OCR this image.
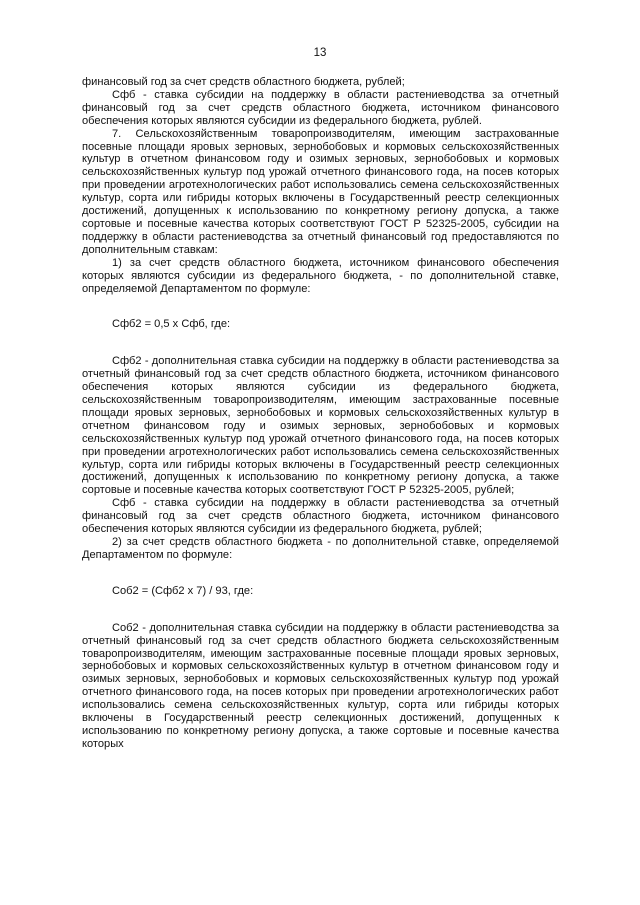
13

финансовый год за счет средств областного бюджета, рублей;

Сфб - ставка субсидии на поддержку в области растениеводства за отчетный финансовый год за счет средств областного бюджета, источником финансового обеспечения которых являются субсидии из федерального бюджета, рублей.

7. Сельскохозяйственным товаропроизводителям, имеющим застрахованные посевные площади яровых зерновых, зернобобовых и кормовых сельскохозяйственных культур в отчетном финансовом году и озимых зерновых, зернобобовых и кормовых сельскохозяйственных культур под урожай отчетного финансового года, на посев которых при проведении агротехнологических работ использовались семена сельскохозяйственных культур, сорта или гибриды которых включены в Государственный реестр селекционных достижений, допущенных к использованию по конкретному региону допуска, а также сортовые и посевные качества которых соответствуют ГОСТ Р 52325-2005, субсидии на поддержку в области растениеводства за отчетный финансовый год предоставляются по дополнительным ставкам:

1) за счет средств областного бюджета, источником финансового обеспечения которых являются субсидии из федерального бюджета, - по дополнительной ставке, определяемой Департаментом по формуле:

Сфб2 = 0,5 х Сфб, где:

Сфб2 - дополнительная ставка субсидии на поддержку в области растениеводства за отчетный финансовый год за счет средств областного бюджета, источником финансового обеспечения которых являются субсидии из федерального бюджета, сельскохозяйственным товаропроизводителям, имеющим застрахованные посевные площади яровых зерновых, зернобобовых и кормовых сельскохозяйственных культур в отчетном финансовом году и озимых зерновых, зернобобовых и кормовых сельскохозяйственных культур под урожай отчетного финансового года, на посев которых при проведении агротехнологических работ использовались семена сельскохозяйственных культур, сорта или гибриды которых включены в Государственный реестр селекционных достижений, допущенных к использованию по конкретному региону допуска, а также сортовые и посевные качества которых соответствуют ГОСТ Р 52325-2005, рублей;

Сфб - ставка субсидии на поддержку в области растениеводства за отчетный финансовый год за счет средств областного бюджета, источником финансового обеспечения которых являются субсидии из федерального бюджета, рублей;

2) за счет средств областного бюджета - по дополнительной ставке, определяемой Департаментом по формуле:

Соб2 = (Сфб2 х 7) / 93, где:

Соб2 - дополнительная ставка субсидии на поддержку в области растениеводства за отчетный финансовый год за счет средств областного бюджета сельскохозяйственным товаропроизводителям, имеющим застрахованные посевные площади яровых зерновых, зернобобовых и кормовых сельскохозяйственных культур в отчетном финансовом году и озимых зерновых, зернобобовых и кормовых сельскохозяйственных культур под урожай отчетного финансового года, на посев которых при проведении агротехнологических работ использовались семена сельскохозяйственных культур, сорта или гибриды которых включены в Государственный реестр селекционных достижений, допущенных к использованию по конкретному региону допуска, а также сортовые и посевные качества которых
